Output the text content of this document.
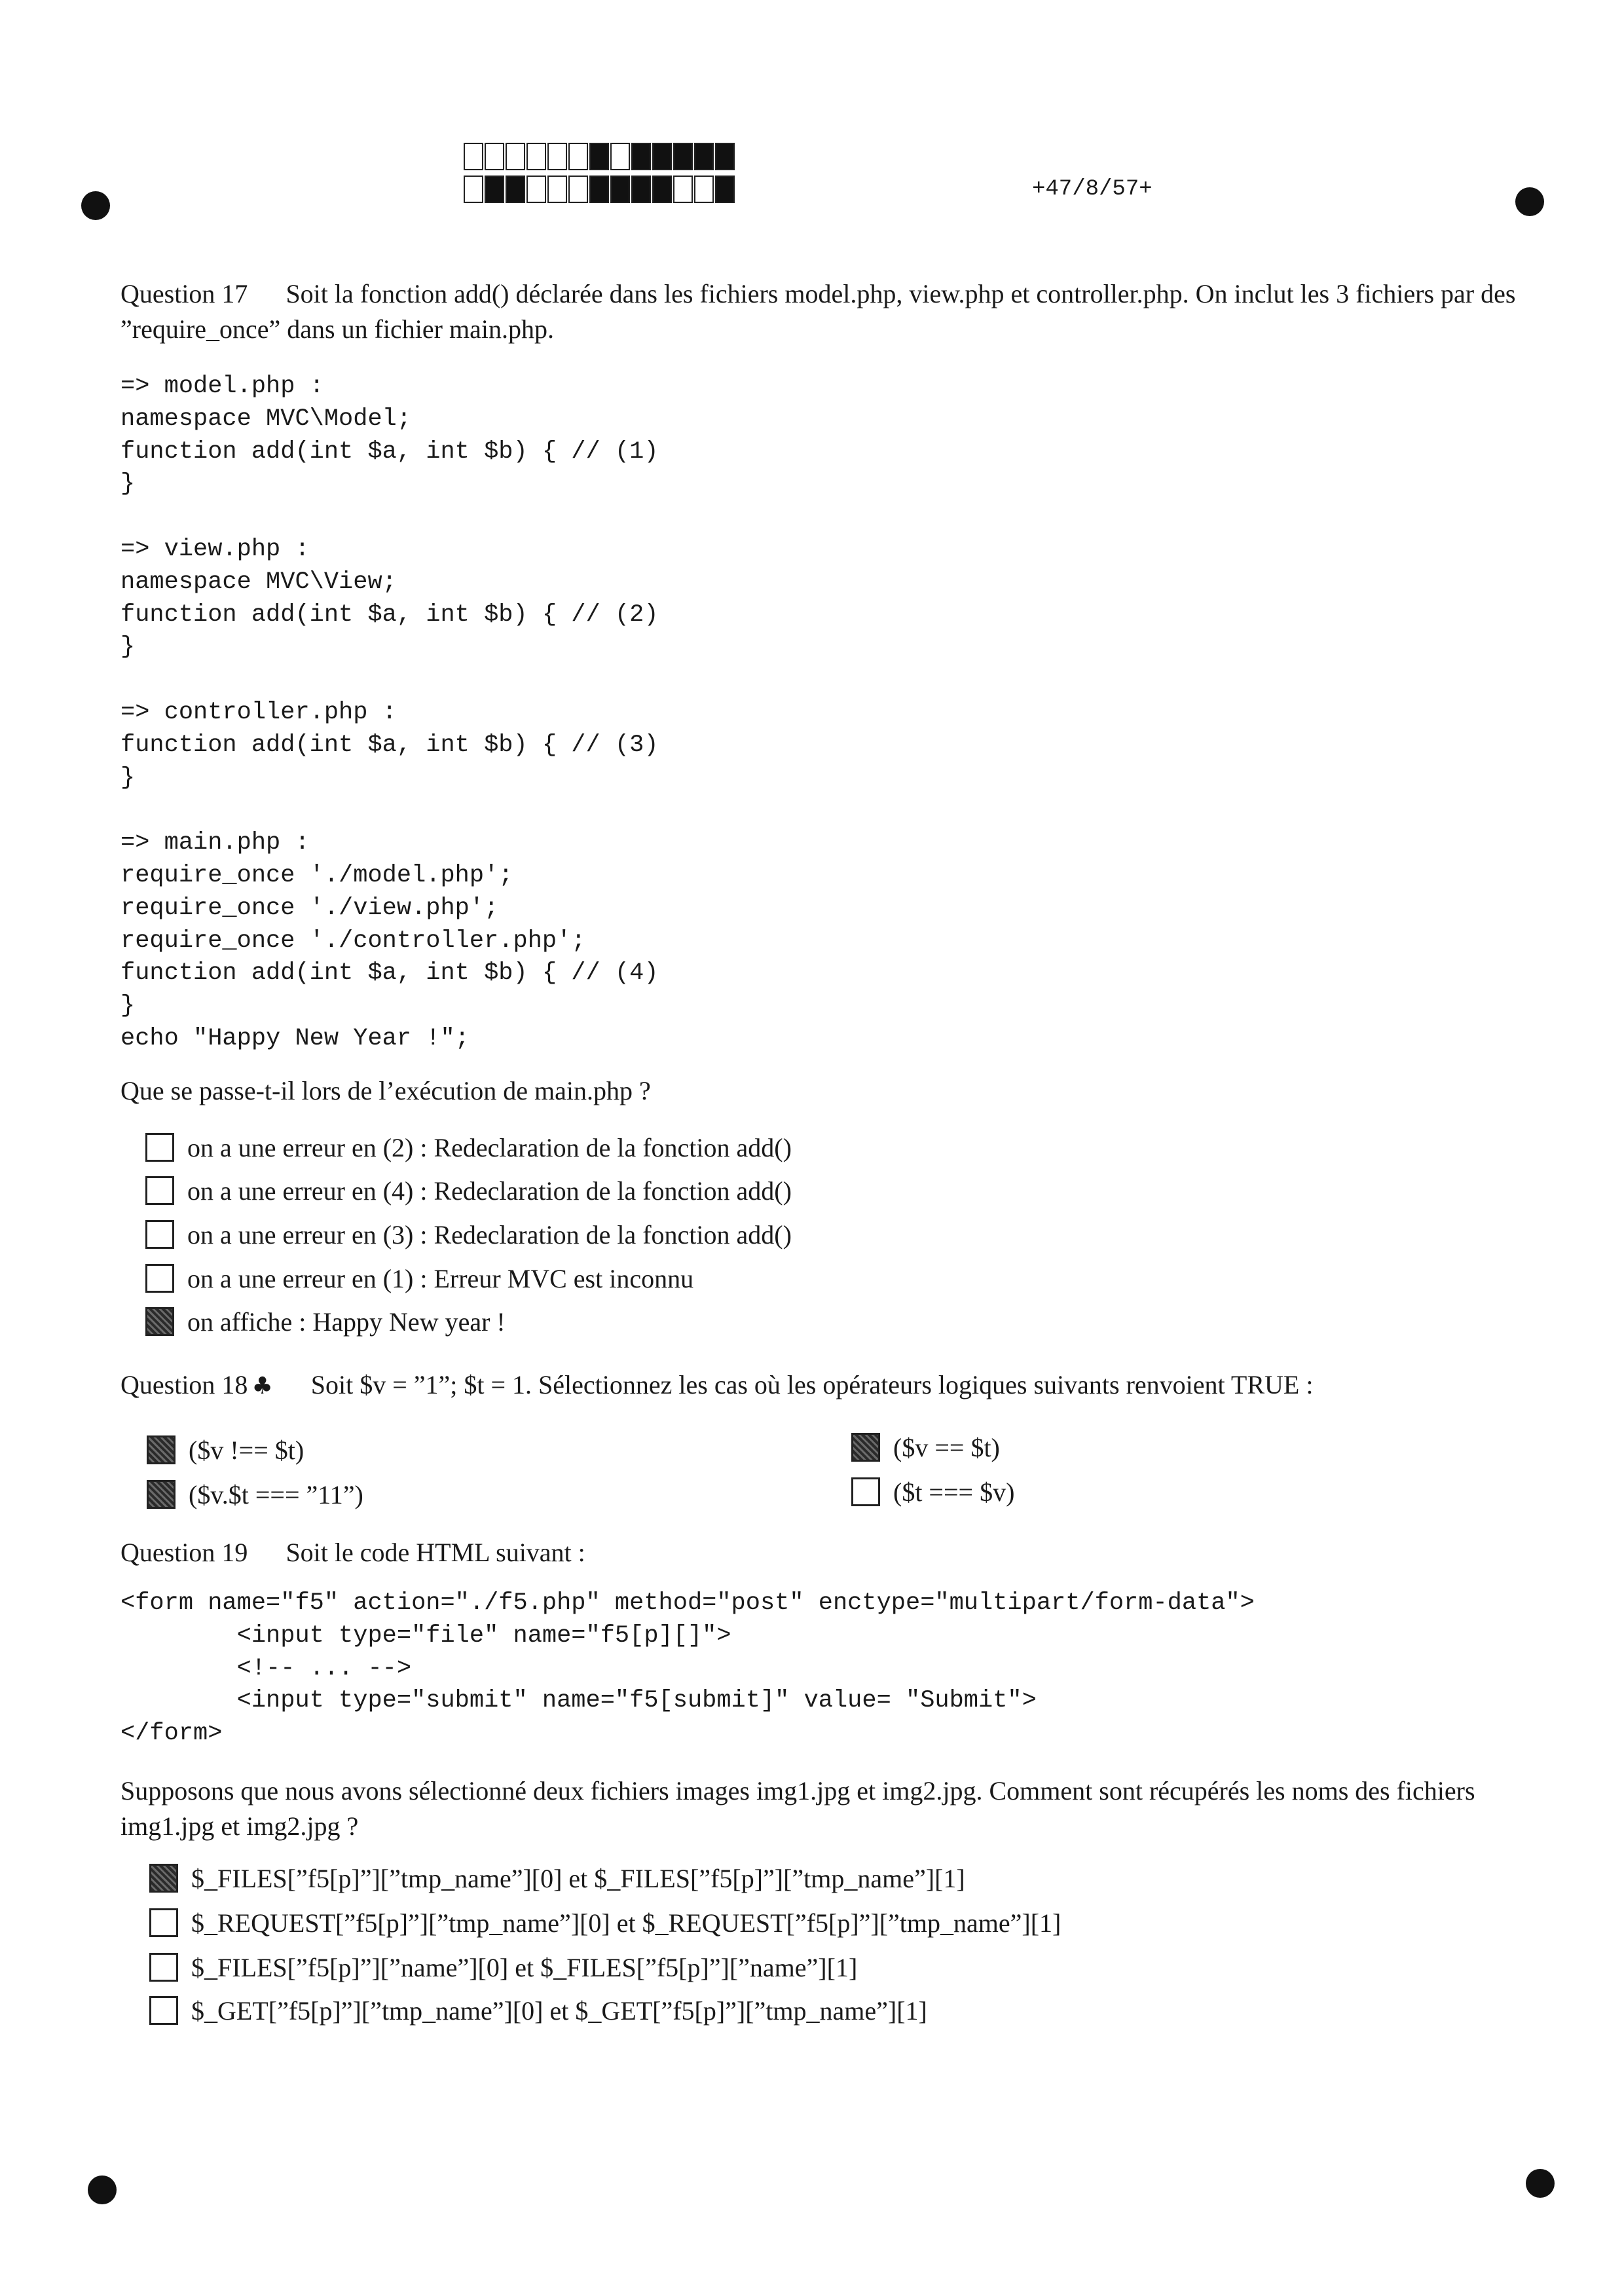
+47/8/57+
Question 17 Soit la fonction add() déclarée dans les fichiers model.php, view.php et controller.php. On inclut les 3 fichiers par des ”require_once” dans un fichier main.php.
=> model.php :
namespace MVC\Model;
function add(int $a, int $b) { // (1)
}

=> view.php :
namespace MVC\View;
function add(int $a, int $b) { // (2)
}

=> controller.php :
function add(int $a, int $b) { // (3)
}

=> main.php :
require_once './model.php';
require_once './view.php';
require_once './controller.php';
function add(int $a, int $b) { // (4)
}
echo "Happy New Year !";
Que se passe-t-il lors de l’exécution de main.php ?
on a une erreur en (2) : Redeclaration de la fonction add()
on a une erreur en (4) : Redeclaration de la fonction add()
on a une erreur en (3) : Redeclaration de la fonction add()
on a une erreur en (1) : Erreur MVC est inconnu
on affiche : Happy New year !
Question 18 ♣ Soit $v = ”1”; $t = 1. Sélectionnez les cas où les opérateurs logiques suivants renvoient TRUE :
($v !== $t)
($v.$t === ”11”)
($v == $t)
($t === $v)
Question 19 Soit le code HTML suivant :
<form name="f5" action="./f5.php" method="post" enctype="multipart/form-data">
<input type="file" name="f5[p][]">
<!-- ... -->
<input type="submit" name="f5[submit]" value= "Submit">
</form>
Supposons que nous avons sélectionné deux fichiers images img1.jpg et img2.jpg. Comment sont récupérés les noms des fichiers img1.jpg et img2.jpg ?
$_FILES[”f5[p]”][”tmp_name”][0] et $_FILES[”f5[p]”][”tmp_name”][1]
$_REQUEST[”f5[p]”][”tmp_name”][0] et $_REQUEST[”f5[p]”][”tmp_name”][1]
$_FILES[”f5[p]”][”name”][0] et $_FILES[”f5[p]”][”name”][1]
$_GET[”f5[p]”][”tmp_name”][0] et $_GET[”f5[p]”][”tmp_name”][1]
